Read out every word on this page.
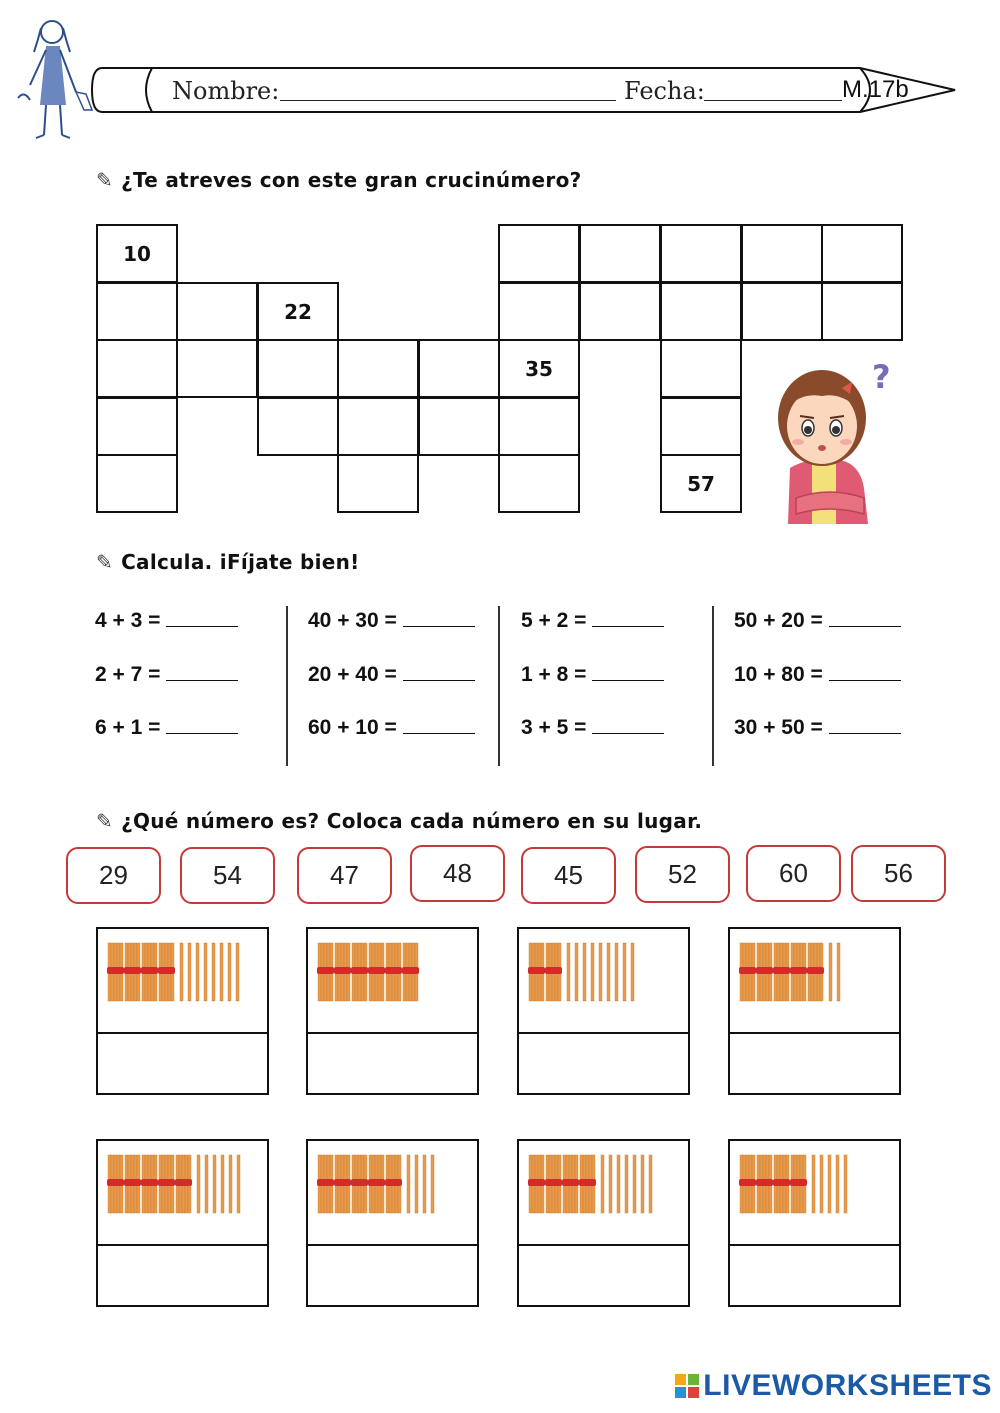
Nombre:	Fecha:	M.17b
✎ ¿Te atreves con este gran crucinúmero?
10
22
35
57
?
✎ Calcula. iFíjate bien!
4 + 3 =
2 + 7 =
6 + 1 =
40 + 30 =
20 + 40 =
60 + 10 =
5 + 2 =
1 + 8 =
3 + 5 =
50 + 20 =
10 + 80 =
30 + 50 =
✎ ¿Qué número es? Coloca cada número en su lugar.
29	54	47	48	45	52	60	56
LIVEWORKSHEETS
